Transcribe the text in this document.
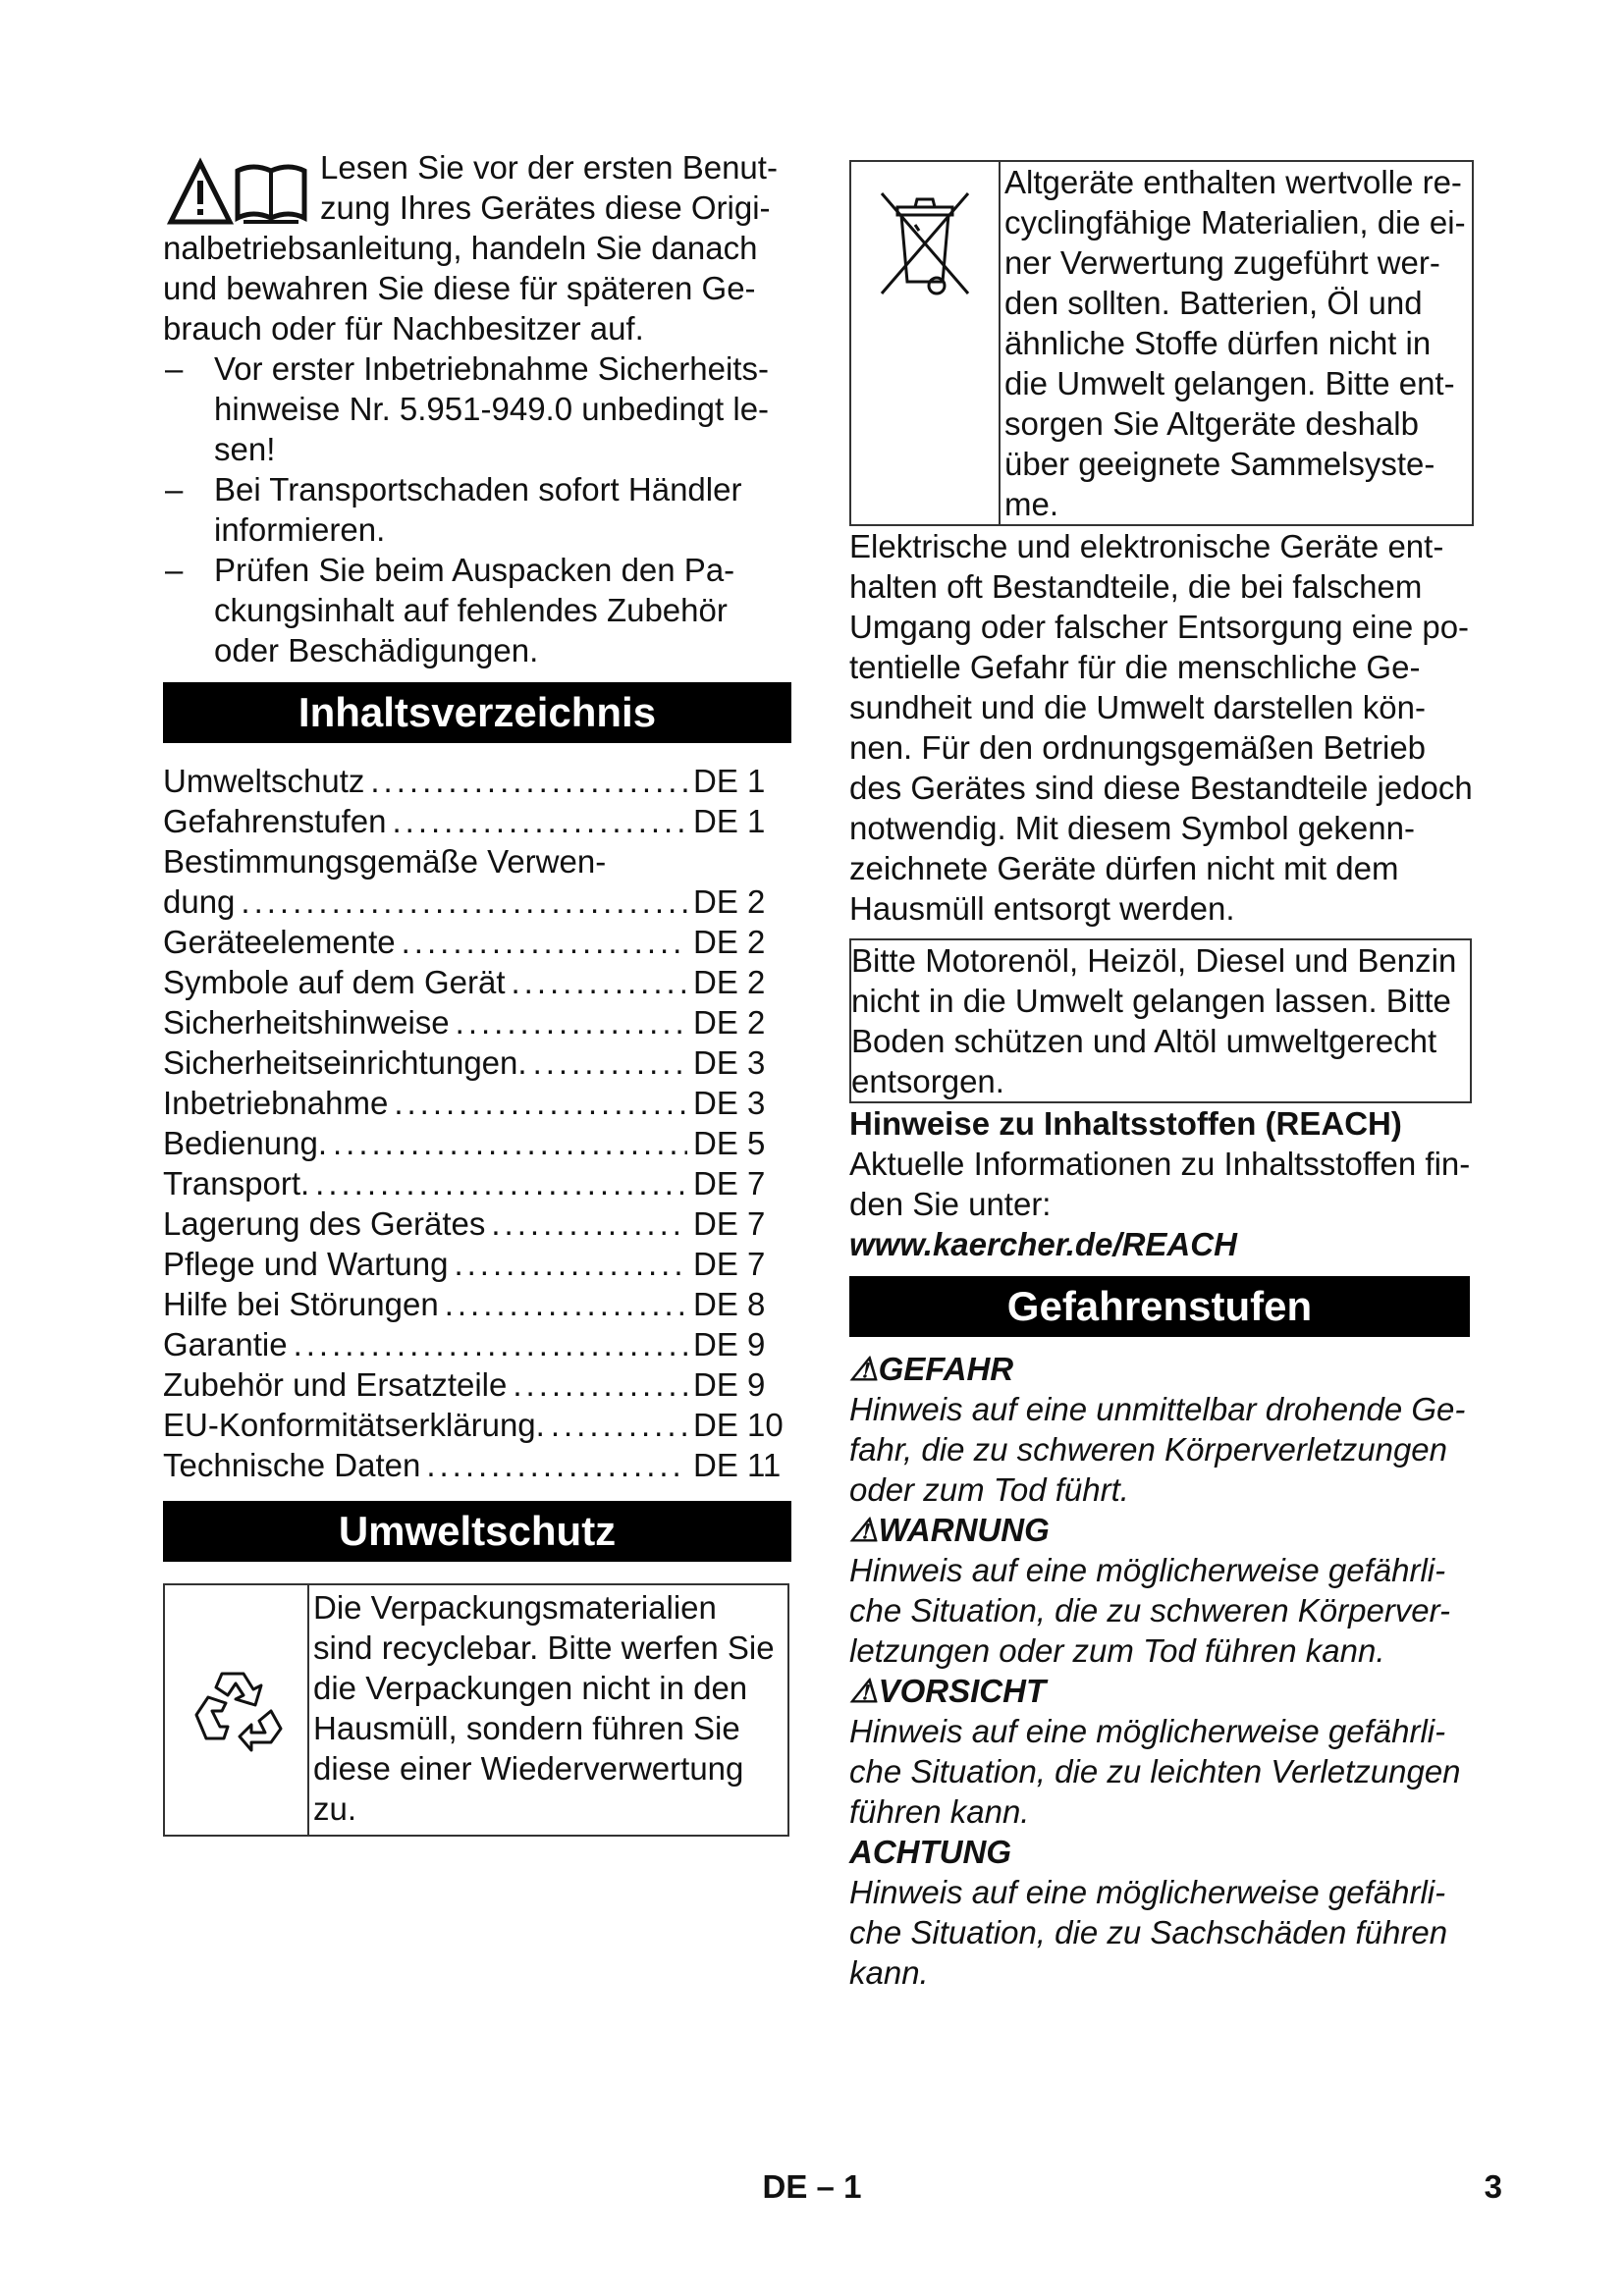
Lesen Sie vor der ersten Benut-

zung Ihres Gerätes diese Origi-

nalbetriebsanleitung, handeln Sie danach

und bewahren Sie diese für späteren Ge-

brauch oder für Nachbesitzer auf.

– Vor erster Inbetriebnahme Sicherheits-
hinweise Nr. 5.951-949.0 unbedingt le-
sen!
– Bei Transportschaden sofort Händler
informieren.
– Prüfen Sie beim Auspacken den Pa-
ckungsinhalt auf fehlendes Zubehör
oder Beschädigungen.
Inhaltsverzeichnis
Umweltschutz .....	DE 1
Gefahrenstufen .....	DE 1
Bestimmungsgemäße Verwen-
dung .....	DE 2
Geräteelemente .....	DE 2
Symbole auf dem Gerät .....	DE 2
Sicherheitshinweise .....	DE 2
Sicherheitseinrichtungen. .....	DE 3
Inbetriebnahme .....	DE 3
Bedienung. .....	DE 5
Transport. .....	DE 7
Lagerung des Gerätes .....	DE 7
Pflege und Wartung .....	DE 7
Hilfe bei Störungen .....	DE 8
Garantie .....	DE 9
Zubehör und Ersatzteile .....	DE 9
EU-Konformitätserklärung. .....	DE 10
Technische Daten .....	DE 11
Umweltschutz

Die Verpackungsmaterialien

sind recyclebar. Bitte werfen Sie

die Verpackungen nicht in den

Hausmüll, sondern führen Sie

diese einer Wiederverwertung

zu.

Altgeräte enthalten wertvolle re-

cyclingfähige Materialien, die ei-

ner Verwertung zugeführt wer-

den sollten. Batterien, Öl und

ähnliche Stoffe dürfen nicht in

die Umwelt gelangen. Bitte ent-

sorgen Sie Altgeräte deshalb

über geeignete Sammelsyste-

me.

Elektrische und elektronische Geräte ent-

halten oft Bestandteile, die bei falschem

Umgang oder falscher Entsorgung eine po-

tentielle Gefahr für die menschliche Ge-

sundheit und die Umwelt darstellen kön-

nen. Für den ordnungsgemäßen Betrieb

des Gerätes sind diese Bestandteile jedoch

notwendig. Mit diesem Symbol gekenn-

zeichnete Geräte dürfen nicht mit dem

Hausmüll entsorgt werden.

Bitte Motorenöl, Heizöl, Diesel und Benzin

nicht in die Umwelt gelangen lassen. Bitte

Boden schützen und Altöl umweltgerecht

entsorgen.

Hinweise zu Inhaltsstoffen (REACH)

Aktuelle Informationen zu Inhaltsstoffen fin-

den Sie unter:

www.kaercher.de/REACH

Gefahrenstufen

⚠GEFAHR

Hinweis auf eine unmittelbar drohende Ge-

fahr, die zu schweren Körperverletzungen

oder zum Tod führt.

⚠WARNUNG

Hinweis auf eine möglicherweise gefährli-

che Situation, die zu schweren Körperver-

letzungen oder zum Tod führen kann.

⚠VORSICHT

Hinweis auf eine möglicherweise gefährli-

che Situation, die zu leichten Verletzungen

führen kann.

ACHTUNG

Hinweis auf eine möglicherweise gefährli-

che Situation, die zu Sachschäden führen

kann.

DE – 1	3
